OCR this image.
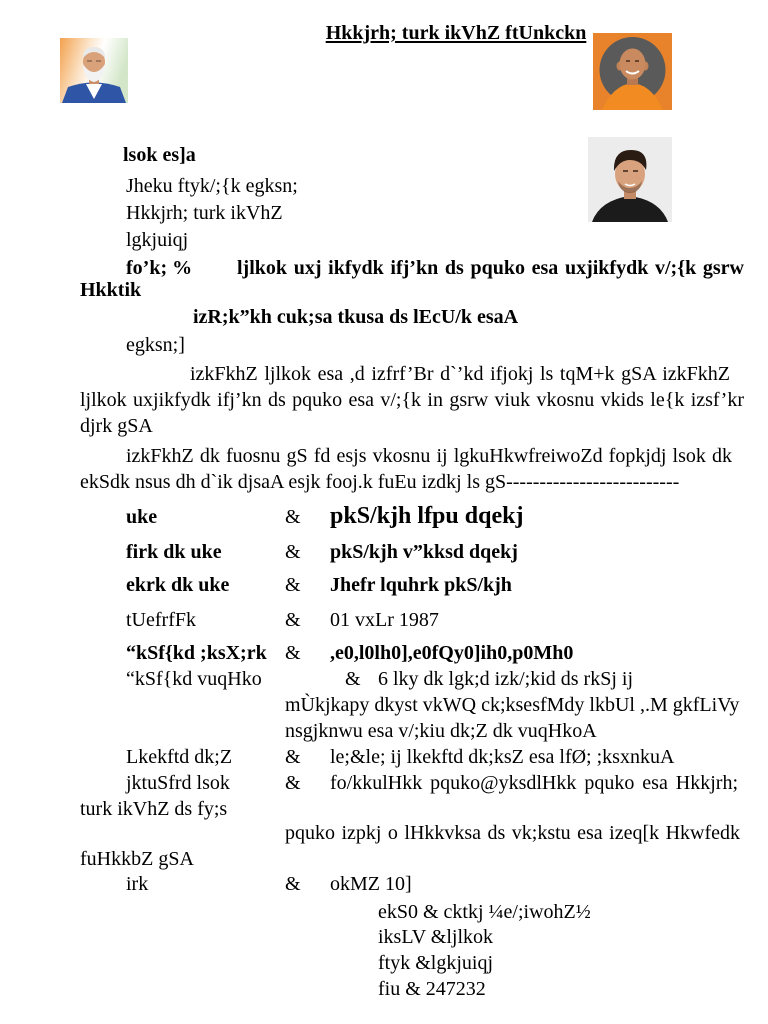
Hkkjrh; turk ikVhZ ftUnkckn
lsok es]a
Jheku ftyk/;{k egksn;
Hkkjrh; turk ikVhZ
lgkjuiqj
fo’k; % ljlkok uxj ikfydk ifj’kn ds pquko esa uxjikfydk v/;{k gsrw
Hkktik
izR;k”kh cuk;sa tkusa ds lEcU/k esaA
egksn;]
izkFkhZ ljlkok esa ,d izfrf’Br d`’kd ifjokj ls tqM+k gSA izkFkhZ
ljlkok uxjikfydk ifj’kn ds pquko esa v/;{k in gsrw viuk vkosnu vkids le{k izsf’kr
djrk gSA
izkFkhZ dk fuosnu gS fd esjs vkosnu ij lgkuHkwfreiwoZd fopkjdj lsok dk
ekSdk nsus dh d`ik djsaA esjk fooj.k fuEu izdkj ls gS--------------------------
uke	& pkS/kjh lfpu dqekj
firk dk uke	& pkS/kjh v”kksd dqekj
ekrk dk uke	& Jhefr lquhrk pkS/kjh
tUefrfFk	& 01 vxLr 1987
“kSf{kd ;ksX;rk & ,e0,l0lh0],e0fQy0]ih0,p0Mh0
“kSf{kd vuqHko	& 6 lky dk lgk;d izk/;kid ds rkSj ij
mÙkjkapy dkyst vkWQ ck;ksesfMdy lkbUl ,.M gkfLiVy
nsgjknwu esa v/;kiu dk;Z dk vuqHkoA
Lkekftd dk;Z	& le;&le; ij lkekftd dk;ksZ esa lfØ; ;ksxnkuA
jktuSfrd lsok	& fo/kkulHkk pquko@yksdlHkk pquko esa Hkkjrh;
turk ikVhZ ds fy;s
pquko izpkj o lHkkvksa ds vk;kstu esa izeq[k Hkwfedk
fuHkkbZ gSA
irk	& okMZ 10]
ekS0 & cktkj ¼e/;iwohZ½
iksLV &ljlkok
ftyk &lgkjuiqj
fiu & 247232
